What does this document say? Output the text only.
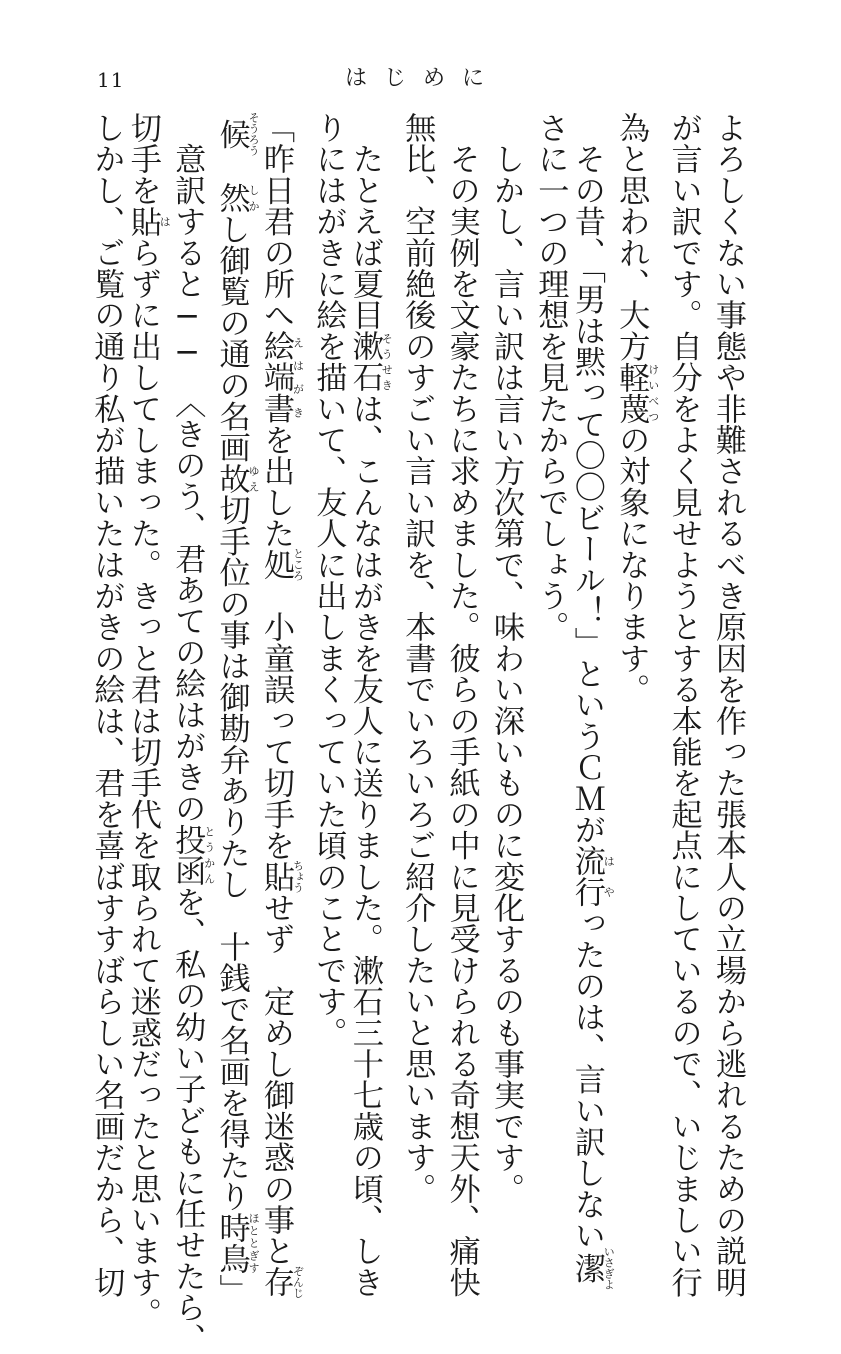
11	はじめに
よろしくない事態や非難されるべき原因を作った張本人の立場から逃れるための説明
が言い訳です。自分をよく見せようとする本能を起点にしているので、いじましい行
為と思われ、大方軽蔑けいべつの対象になります。
　その昔、「男は黙って〇〇ビール！」というＣＭが流行はやったのは、言い訳しない潔いさぎよ
さに一つの理想を見たからでしょう。
　しかし、言い訳は言い方次第で、味わい深いものに変化するのも事実です。
　その実例を文豪たちに求めました。彼らの手紙の中に見受けられる奇想天外、痛快
無比、空前絶後のすごい言い訳を、本書でいろいろご紹介したいと思います。
　たとえば夏目漱石そうせきは、こんなはがきを友人に送りました。漱石三十七歳の頃、しき
りにはがきに絵を描いて、友人に出しまくっていた頃のことです。
「昨日君の所へ絵端書えはがきを出した処ところ　小童誤って切手を貼ちょうせず　定めし御迷惑の事と存ぞんじ
候そうろう　然しかし御覧の通の名画故ゆえ切手位の事は御勘弁ありたし　十銭で名画を得たり時鳥ほととぎす」
　意訳すると──　〈きのう、君あての絵はがきの投函とうかんを、私の幼い子どもに任せたら、
切手を貼はらずに出してしまった。きっと君は切手代を取られて迷惑だったと思います。
しかし、ご覧の通り私が描いたはがきの絵は、君を喜ばすすばらしい名画だから、切
